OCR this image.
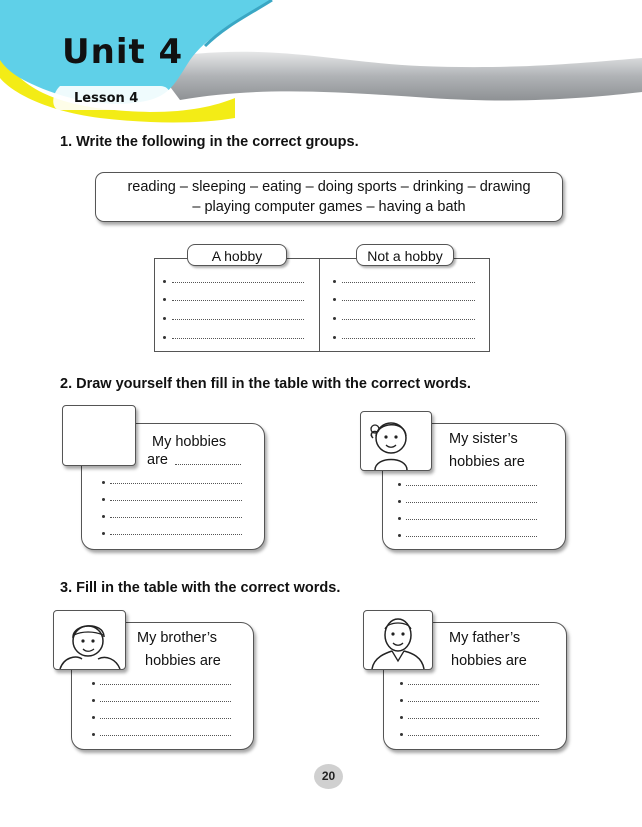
Unit 4
Lesson 4
1. Write the following in the correct groups.
reading – sleeping – eating – doing sports – drinking – drawing
– playing computer games – having a bath
A hobby	Not a hobby
2. Draw yourself then fill in the table with the correct words.
My hobbies
are
My sister’s
hobbies are
3. Fill in the table with the correct words.
My brother’s
hobbies are
My father’s
hobbies are
20
